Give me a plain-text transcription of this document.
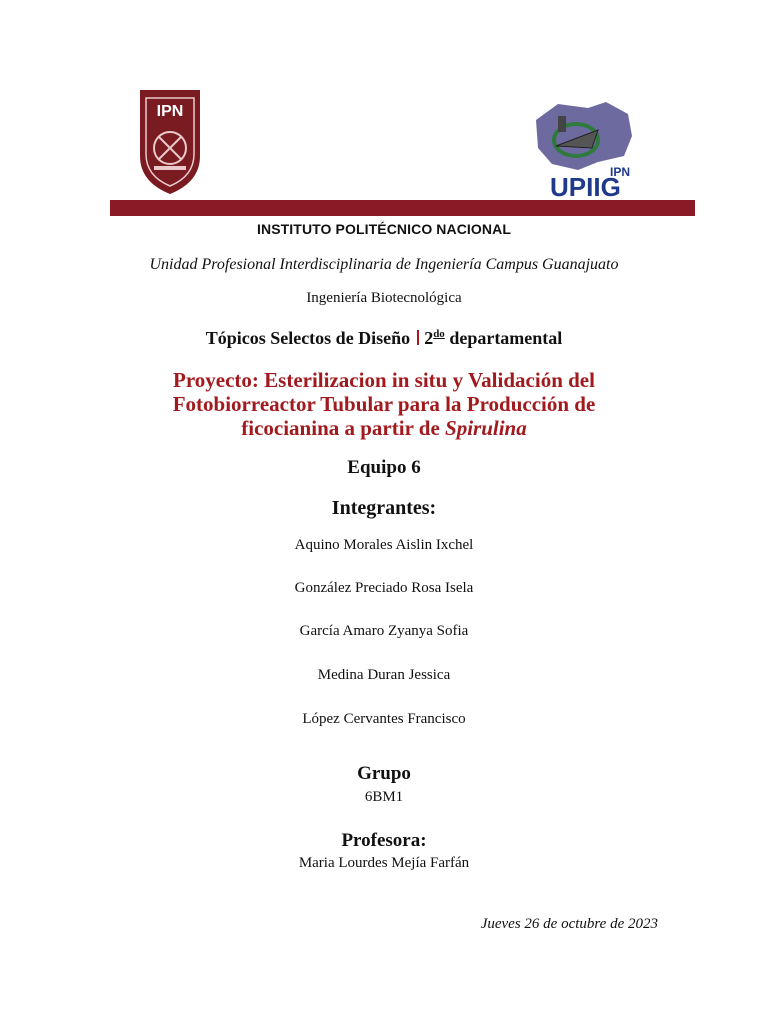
IPN
UPIIG
IPN
INSTITUTO POLITÉCNICO NACIONAL
Unidad Profesional Interdisciplinaria de Ingeniería Campus Guanajuato
Ingeniería Biotecnológica
Tópicos Selectos de Diseño $2^{do}$ departamental
Proyecto: Esterilizacion in situ y Validación del
Fotobiorreactor Tubular para la Producción de
ficocianina a partir de Spirulina
Equipo 6
Integrantes:
Aquino Morales Aislin Ixchel
González Preciado Rosa Isela
García Amaro Zyanya Sofia
Medina Duran Jessica
López Cervantes Francisco
Grupo
6BM1
Profesora:
Maria Lourdes Mejía Farfán
Jueves 26 de octubre de 2023
